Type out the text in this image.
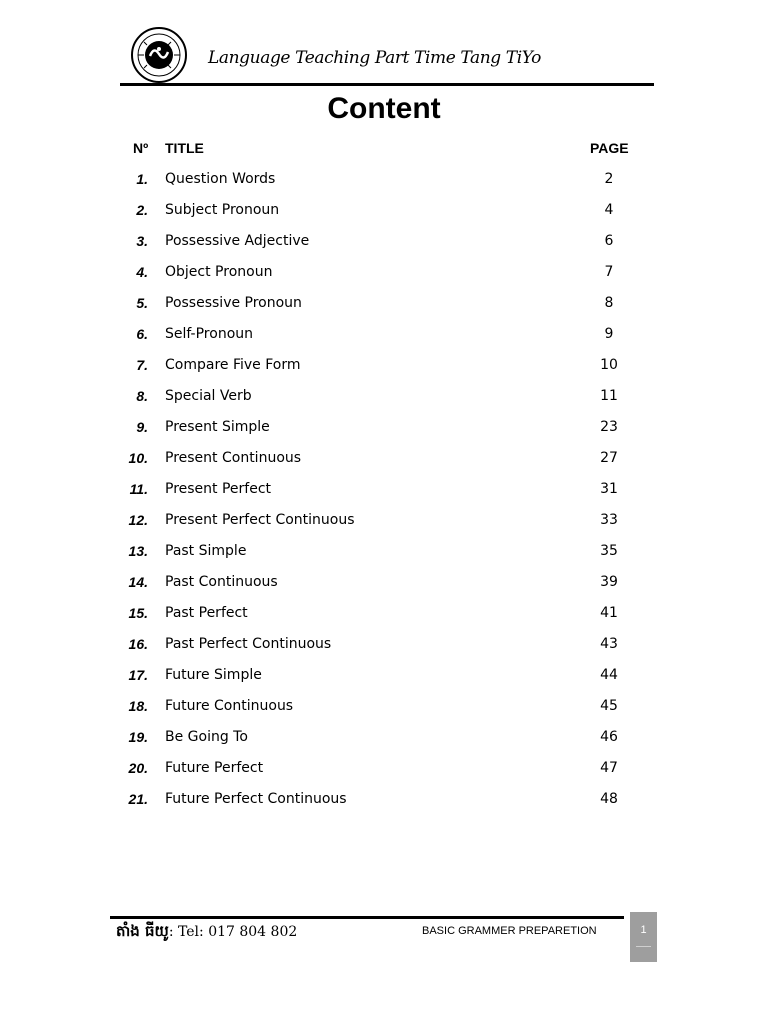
Language Teaching Part Time Tang TiYo
Content
Nº TITLE	PAGE
1. Question Words	2
2. Subject Pronoun	4
3. Possessive Adjective	6
4. Object Pronoun	7
5. Possessive Pronoun	8
6. Self-Pronoun	9
7. Compare Five Form	10
8. Special Verb	11
9. Present Simple	23
10. Present Continuous	27
11. Present Perfect	31
12. Present Perfect Continuous	33
13. Past Simple	35
14. Past Continuous	39
15. Past Perfect	41
16. Past Perfect Continuous	43
17. Future Simple	44
18. Future Continuous	45
19. Be Going To	46
20. Future Perfect	47
21. Future Perfect Continuous	48
តាំង ធីយូ: Tel: 017 804 802	BASIC GRAMMER PREPARETION	1
